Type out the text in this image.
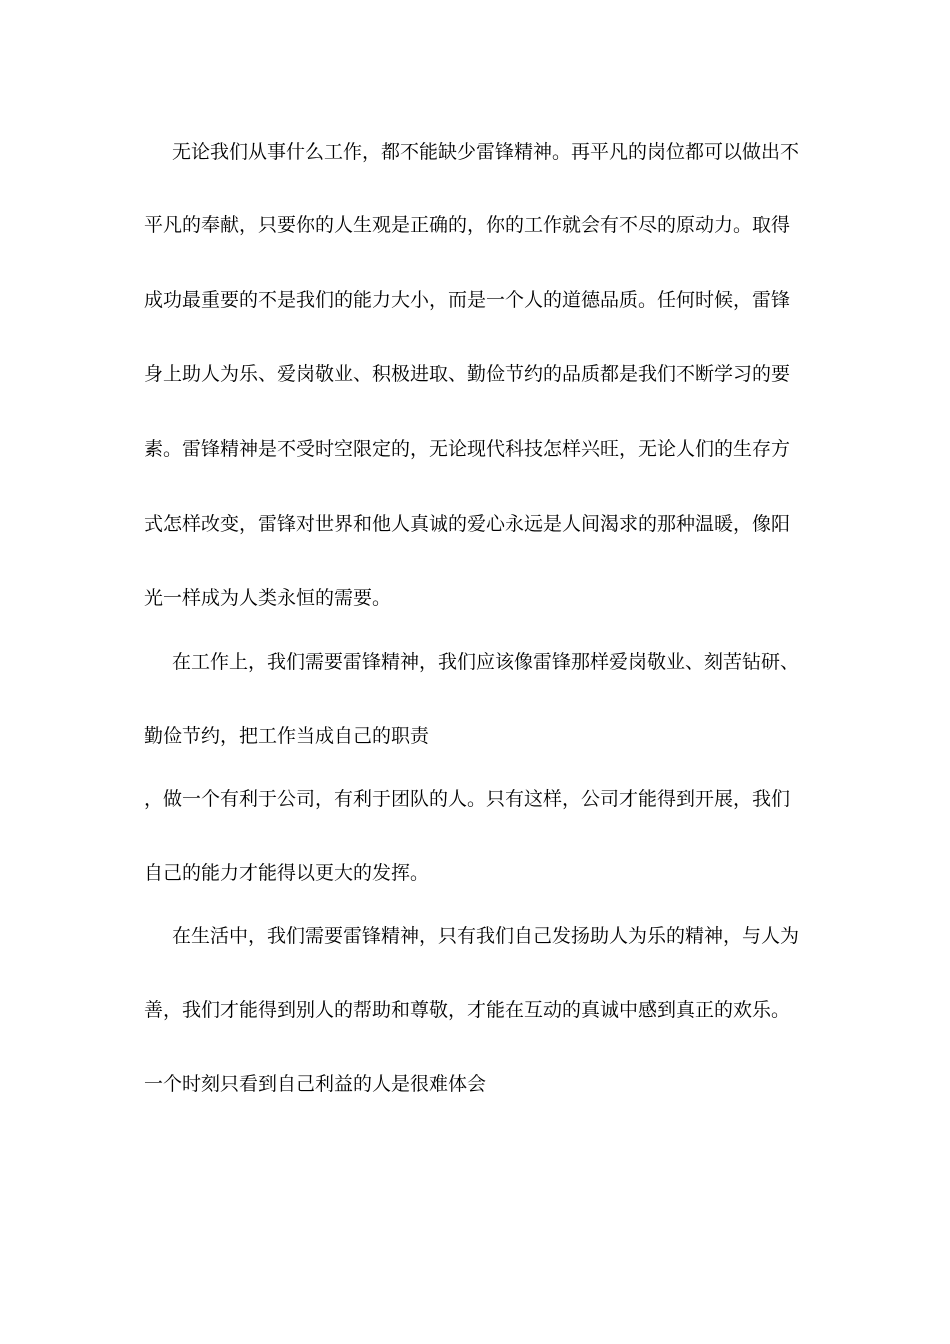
无论我们从事什么工作，都不能缺少雷锋精神。再平凡的岗位都可以做出不
平凡的奉献，只要你的人生观是正确的，你的工作就会有不尽的原动力。取得
成功最重要的不是我们的能力大小，而是一个人的道德品质。任何时候，雷锋
身上助人为乐、爱岗敬业、积极进取、勤俭节约的品质都是我们不断学习的要
素。雷锋精神是不受时空限定的，无论现代科技怎样兴旺，无论人们的生存方
式怎样改变，雷锋对世界和他人真诚的爱心永远是人间渴求的那种温暖，像阳
光一样成为人类永恒的需要。
在工作上，我们需要雷锋精神，我们应该像雷锋那样爱岗敬业、刻苦钻研、
勤俭节约，把工作当成自己的职责
，做一个有利于公司，有利于团队的人。只有这样，公司才能得到开展，我们
自己的能力才能得以更大的发挥。
在生活中，我们需要雷锋精神，只有我们自己发扬助人为乐的精神，与人为
善，我们才能得到别人的帮助和尊敬，才能在互动的真诚中感到真正的欢乐。
一个时刻只看到自己利益的人是很难体会
